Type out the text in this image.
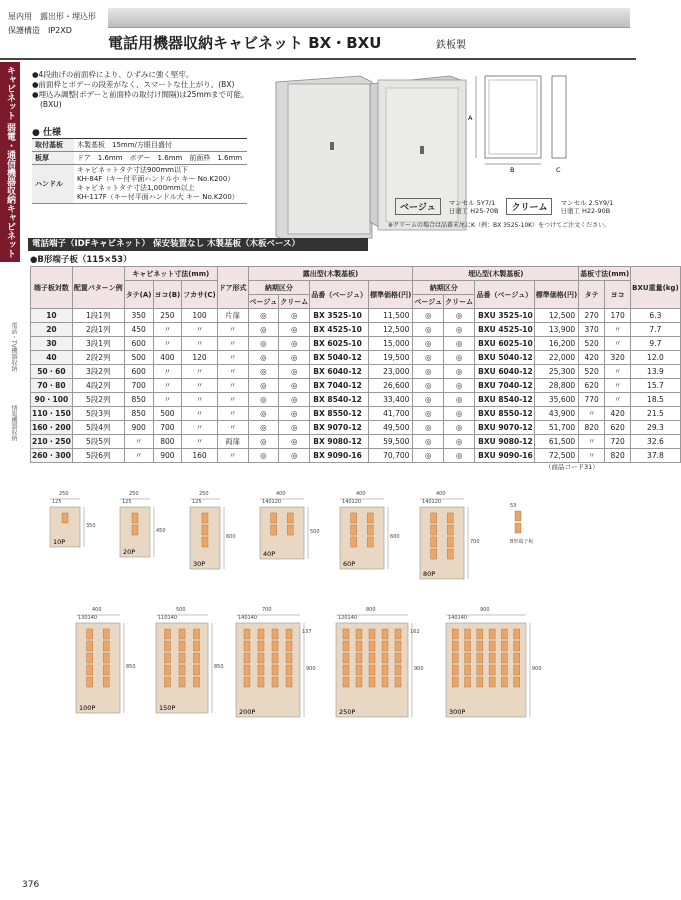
屋内用　露出形・埋込形
保護構造　IP2XD
電話用機器収納キャビネット BX・BXU	鉄板製
キャビネット 弱電・通信機器収納キャビネット
電話・TV機器収納
情報機器収納
●4段曲げの前面枠により、ひずみに強く堅牢。
●前面枠とボデーの段差がなく、スマートな仕上がり。(BX)
●埋込み調整(ボデーと前面枠の取付け間隔)は25mmまで可能。
(BXU)
● 仕様
取付基板	木製基板　15mm/方眼目盛付
板厚	ドア　1.6mm　ボデー　1.6mm　前面枠　1.6mm
ハンドル	キャビネットタテ寸法900mm以下
KH-84F（キー付平面ハンドル小 キー No.K200）
キャビネットタテ寸法1,000mm以上
KH-117F（キー付平面ハンドル大 キー No.K200）
A
B	C
ベージュ
マンセル 5Y7/1
日塗工 H25-70B	クリーム
マンセル 2.5Y9/1
日塗工 H22-90B
※クリームの場合は品番末尾にK（例：BX 3525-10K）をつけてご注文ください。
電話端子（IDFキャビネット） 保安装置なし 木製基板（木板ベース）
●B形端子板（115×53）
端子板対数	配置パターン例	キャビネット寸法(mm)			ドア形式	露出型(木製基板)				埋込型(木製基板)				基板寸法(mm)		BXU重量(kg)
		タテ(A)	ヨコ(B)	フカサ(C)		納期区分		品番（ベージュ）	標準価格(円)	納期区分		品番（ベージュ）	標準価格(円)	タテ	ヨコ	
						ベージュ	クリーム			ベージュ	クリーム					
10	1段1列	350	250	100	片扉	◎	◎	BX 3525-10	11,500	◎	◎	BXU 3525-10	12,500	270	170	6.3
20	2段1列	450	〃	〃	〃	◎	◎	BX 4525-10	12,500	◎	◎	BXU 4525-10	13,900	370	〃	7.7
30	3段1列	600	〃	〃	〃	◎	◎	BX 6025-10	15,000	◎	◎	BXU 6025-10	16,200	520	〃	9.7
40	2段2列	500	400	120	〃	◎	◎	BX 5040-12	19,500	◎	◎	BXU 5040-12	22,000	420	320	12.0
50・60	3段2列	600	〃	〃	〃	◎	◎	BX 6040-12	23,000	◎	◎	BXU 6040-12	25,300	520	〃	13.9
70・80	4段2列	700	〃	〃	〃	◎	◎	BX 7040-12	26,600	◎	◎	BXU 7040-12	28,800	620	〃	15.7
90・100	5段2列	850	〃	〃	〃	◎	◎	BX 8540-12	33,400	◎	◎	BXU 8540-12	35,600	770	〃	18.5
110・150	5段3列	850	500	〃	〃	◎	◎	BX 8550-12	41,700	◎	◎	BXU 8550-12	43,900	〃	420	21.5
160・200	5段4列	900	700	〃	〃	◎	◎	BX 9070-12	49,500	◎	◎	BXU 9070-12	51,700	820	620	29.3
210・250	5段5列	〃	800	〃	両扉	◎	◎	BX 9080-12	59,500	◎	◎	BXU 9080-12	61,500	〃	720	32.6
260・300	5段6列	〃	900	160	〃	◎	◎	BX 9090-16	70,700	◎	◎	BXU 9090-16	72,500	〃	820	37.8
（商品コード31）
10P
250
125
350
20P
250
125
450
30P
250
125
600
40P
400
140120
500
60P
400
140120
600
80P
400
140120
700	B形端子板
53
100P
400
130140
850
150P
500
110140
850
200P
700
140140
900
250P
800
120140
900
300P
900
140140
900
137	162
376
